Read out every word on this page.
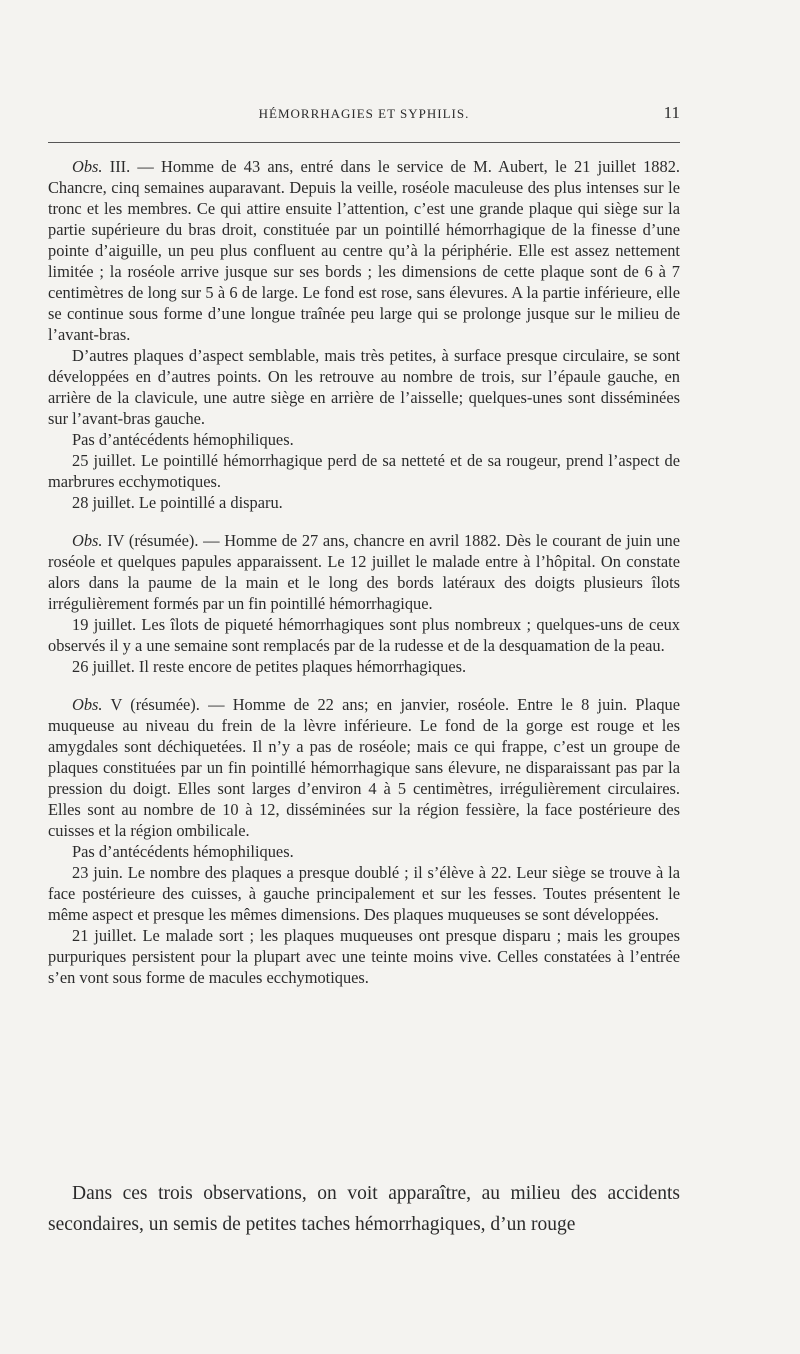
HÉMORRHAGIES ET SYPHILIS.	11

Obs. III. — Homme de 43 ans, entré dans le service de M. Aubert, le 21 juillet 1882. Chancre, cinq semaines auparavant. Depuis la veille, roséole maculeuse des plus intenses sur le tronc et les membres. Ce qui attire ensuite l’attention, c’est une grande plaque qui siège sur la partie supérieure du bras droit, constituée par un pointillé hémorrhagique de la finesse d’une pointe d’aiguille, un peu plus confluent au centre qu’à la périphérie. Elle est assez nettement limitée ; la roséole arrive jusque sur ses bords ; les dimensions de cette plaque sont de 6 à 7 centimètres de long sur 5 à 6 de large. Le fond est rose, sans élevures. A la partie inférieure, elle se continue sous forme d’une longue traînée peu large qui se prolonge jusque sur le milieu de l’avant-bras.

D’autres plaques d’aspect semblable, mais très petites, à surface presque circulaire, se sont développées en d’autres points. On les retrouve au nombre de trois, sur l’épaule gauche, en arrière de la clavicule, une autre siège en arrière de l’aisselle; quelques-unes sont disséminées sur l’avant-bras gauche.

Pas d’antécédents hémophiliques.

25 juillet. Le pointillé hémorrhagique perd de sa netteté et de sa rougeur, prend l’aspect de marbrures ecchymotiques.

28 juillet. Le pointillé a disparu.

Obs. IV (résumée). — Homme de 27 ans, chancre en avril 1882. Dès le courant de juin une roséole et quelques papules apparaissent. Le 12 juillet le malade entre à l’hôpital. On constate alors dans la paume de la main et le long des bords latéraux des doigts plusieurs îlots irrégulièrement formés par un fin pointillé hémorrhagique.

19 juillet. Les îlots de piqueté hémorrhagiques sont plus nombreux ; quelques-uns de ceux observés il y a une semaine sont remplacés par de la rudesse et de la desquamation de la peau.

26 juillet. Il reste encore de petites plaques hémorrhagiques.

Obs. V (résumée). — Homme de 22 ans; en janvier, roséole. Entre le 8 juin. Plaque muqueuse au niveau du frein de la lèvre inférieure. Le fond de la gorge est rouge et les amygdales sont déchiquetées. Il n’y a pas de roséole; mais ce qui frappe, c’est un groupe de plaques constituées par un fin pointillé hémorrhagique sans élevure, ne disparaissant pas par la pression du doigt. Elles sont larges d’environ 4 à 5 centimètres, irrégulièrement circulaires. Elles sont au nombre de 10 à 12, disséminées sur la région fessière, la face postérieure des cuisses et la région ombilicale.

Pas d’antécédents hémophiliques.

23 juin. Le nombre des plaques a presque doublé ; il s’élève à 22. Leur siège se trouve à la face postérieure des cuisses, à gauche principalement et sur les fesses. Toutes présentent le même aspect et presque les mêmes dimensions. Des plaques muqueuses se sont développées.

21 juillet. Le malade sort ; les plaques muqueuses ont presque disparu ; mais les groupes purpuriques persistent pour la plupart avec une teinte moins vive. Celles constatées à l’entrée s’en vont sous forme de macules ecchymotiques.

Dans ces trois observations, on voit apparaître, au milieu des accidents secondaires, un semis de petites taches hémorrhagiques, d’un rouge
